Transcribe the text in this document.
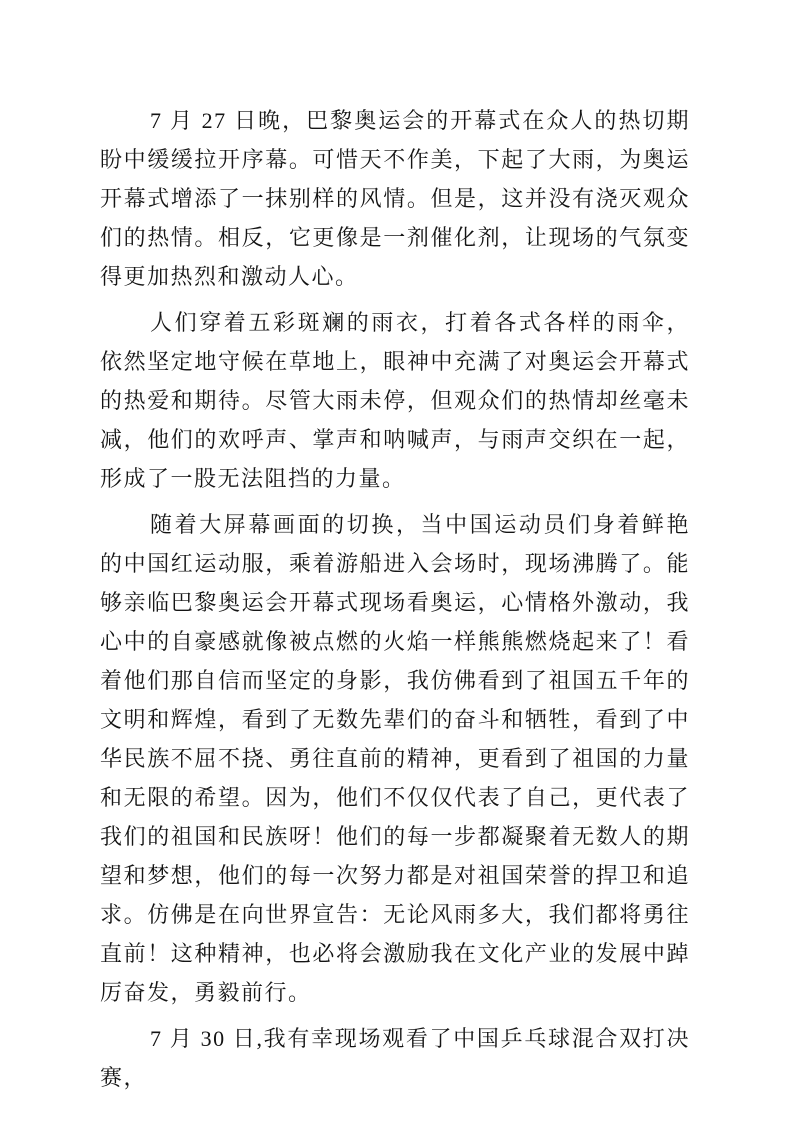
7 月 27 日晚，巴黎奥运会的开幕式在众人的热切期盼中缓缓拉开序幕。可惜天不作美，下起了大雨，为奥运开幕式增添了一抹别样的风情。但是，这并没有浇灭观众们的热情。相反，它更像是一剂催化剂，让现场的气氛变得更加热烈和激动人心。

人们穿着五彩斑斓的雨衣，打着各式各样的雨伞，依然坚定地守候在草地上，眼神中充满了对奥运会开幕式的热爱和期待。尽管大雨未停，但观众们的热情却丝毫未减，他们的欢呼声、掌声和呐喊声，与雨声交织在一起，形成了一股无法阻挡的力量。

随着大屏幕画面的切换，当中国运动员们身着鲜艳的中国红运动服，乘着游船进入会场时，现场沸腾了。能够亲临巴黎奥运会开幕式现场看奥运，心情格外激动，我心中的自豪感就像被点燃的火焰一样熊熊燃烧起来了！看着他们那自信而坚定的身影，我仿佛看到了祖国五千年的文明和辉煌，看到了无数先辈们的奋斗和牺牲，看到了中华民族不屈不挠、勇往直前的精神，更看到了祖国的力量和无限的希望。因为，他们不仅仅代表了自己，更代表了我们的祖国和民族呀！他们的每一步都凝聚着无数人的期望和梦想，他们的每一次努力都是对祖国荣誉的捍卫和追求。仿佛是在向世界宣告：无论风雨多大，我们都将勇往直前！这种精神，也必将会激励我在文化产业的发展中踔厉奋发，勇毅前行。

7 月 30 日,我有幸现场观看了中国乒乓球混合双打决赛，
